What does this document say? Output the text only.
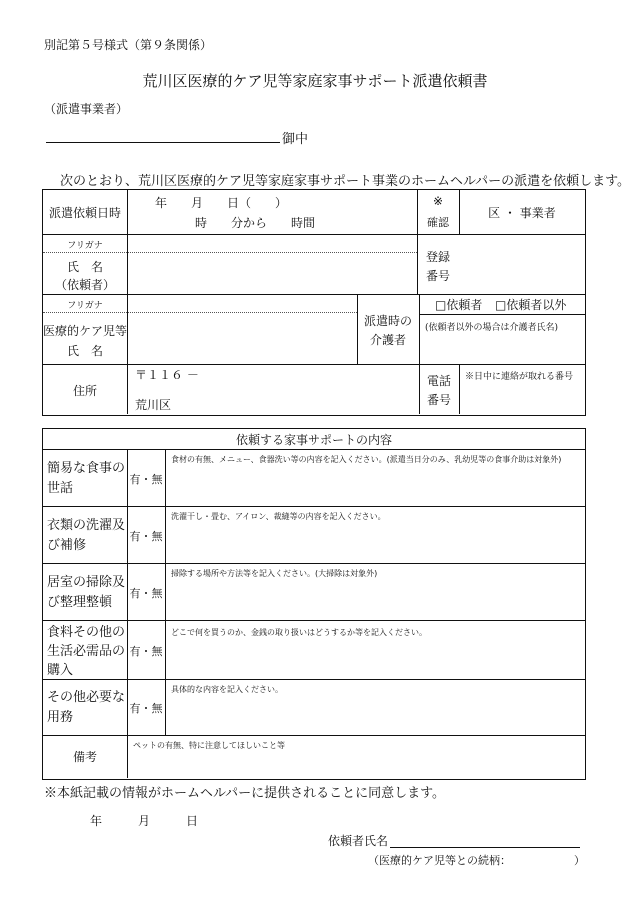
別記第５号様式（第９条関係）
荒川区医療的ケア児等家庭家事サポート派遣依頼書
（派遣事業者）
御中
次のとおり、荒川区医療的ケア児等家庭家事サポート事業のホームヘルパーの派遣を依頼します。
派遣依頼日時
年　　月　　日（　　）
時　　分から　　時間
※
確認
区 ・ 事業者
フリガナ
氏　名
（依頼者）
登録
番号
フリガナ
医療的ケア児等
氏　名
派遣時の
介護者
□依頼者 □依頼者以外
(依頼者以外の場合は介護者氏名)
住所
〒１１６ －
荒川区
電話
番号
※日中に連絡が取れる番号
依頼する家事サポートの内容
簡易な食事の世話
有・無
食材の有無、メニュー、食器洗い等の内容を記入ください。(派遣当日分のみ、乳幼児等の食事介助は対象外)
衣類の洗濯及び補修
有・無
洗濯干し・畳む、アイロン、裁縫等の内容を記入ください。
居室の掃除及び整理整頓
有・無
掃除する場所や方法等を記入ください。(大掃除は対象外)
食料その他の生活必需品の購入
有・無
どこで何を買うのか、金銭の取り扱いはどうするか等を記入ください。
その他必要な用務
有・無
具体的な内容を記入ください。
備考
ペットの有無、特に注意してほしいこと等
※本紙記載の情報がホームヘルパーに提供されることに同意します。
年　　　月　　　日
依頼者氏名
（医療的ケア児等との続柄：	）
